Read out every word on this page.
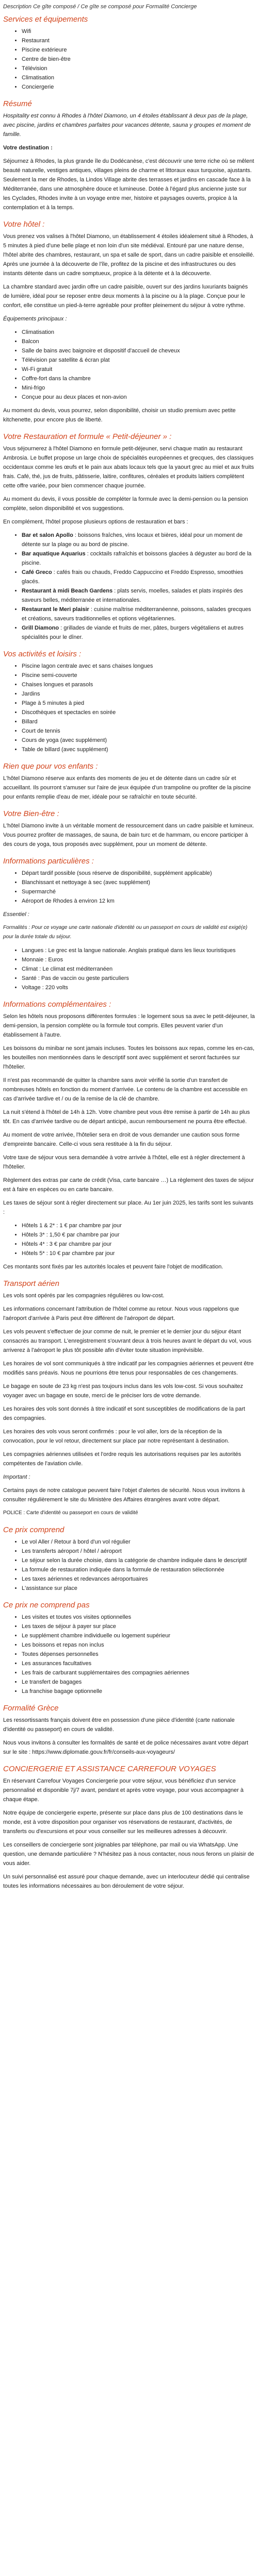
Description Ce gîte composé / Ce gîte se composé pour Formalité Concierge

Services et équipements
• Wifi
• Restaurant
• Piscine extérieure
• Centre de bien-être
• Télévision
• Climatisation
• Conciergerie
Résumé

Hospitality est connu à Rhodes à l'hôtel Diamono, un 4 étoiles établissant à deux pas de la plage, avec piscine, jardins et chambres parfaites pour vacances détente, sauna y groupes et moment de famille.

Votre destination :

Séjournez à Rhodes, la plus grande île du Dodécanèse, c'est découvrir une terre riche où se mêlent beauté naturelle, vestiges antiques, villages pleins de charme et littoraux eaux turquoise, ajustants. Seulement la mer de Rhodes, la Lindos Village abrite des terrasses et jardins en cascade face à la Méditerranée, dans une atmosphère douce et lumineuse. Dotée à l'égard plus ancienne juste sur les Cyclades, Rhodes invite à un voyage entre mer, histoire et paysages ouverts, propice à la contemplation et à la temps.

Votre hôtel :

Vous prenez vos valises à l'hôtel Diamono, un établissement 4 étoiles idéalement situé à Rhodes, à 5 minutes à pied d'une belle plage et non loin d'un site médiéval. Entouré par une nature dense, l'hôtel abrite des chambres, restaurant, un spa et salle de sport, dans un cadre paisible et ensoleillé. Après une journée à la découverte de l'île, profitez de la piscine et des infrastructures ou des instants détente dans un cadre somptueux, propice à la détente et à la découverte.

La chambre standard avec jardin offre un cadre paisible, ouvert sur des jardins luxuriants baignés de lumière, idéal pour se reposer entre deux moments à la piscine ou à la plage. Conçue pour le confort, elle constitue un pied-à-terre agréable pour profiter pleinement du séjour à votre rythme.

Équipements principaux :

• Climatisation
• Balcon
• Salle de bains avec baignoire et dispositif d'accueil de cheveux
• Télévision par satellite & écran plat
• Wi-Fi gratuit
• Coffre-fort dans la chambre
• Mini-frigo
• Conçue pour au deux places et non-avion

Au moment du devis, vous pourrez, selon disponibilité, choisir un studio premium avec petite kitchenette, pour encore plus de liberté.

Votre Restauration et formule « Petit-déjeuner » :

Vous séjournerez à l'hôtel Diamono en formule petit-déjeuner, servi chaque matin au restaurant Ambrosia. Le buffet propose un large choix de spécialités européennes et grecques, des classiques occidentaux comme les œufs et le pain aux abats locaux tels que la yaourt grec au miel et aux fruits frais. Café, thé, jus de fruits, pâtisserie, laitire, confitures, céréales et produits laitiers complètent cette offre variée, pour bien commencer chaque journée.

Au moment du devis, il vous possible de compléter la formule avec la demi-pension ou la pension complète, selon disponibilité et vos suggestions.

En complément, l'hôtel propose plusieurs options de restauration et bars :

• Bar et salon Apollo : boissons fraîches, vins locaux et bières, idéal pour un moment de détente sur la plage ou au bord de piscine.
• Bar aquatique Aquarius : cocktails rafraîchis et boissons glacées à déguster au bord de la piscine.
• Café Greco : cafés frais ou chauds, Freddo Cappuccino et Freddo Espresso, smoothies glacés.
• Restaurant à midi Beach Gardens : plats servis, moelles, salades et plats inspirés des saveurs belles, méditerranée et internationales.
• Restaurant le Meri plaisir : cuisine maîtrise méditerranéenne, poissons, salades grecques et créations, saveurs traditionnelles et options végétariennes.
• Grill Diamono : grillades de viande et fruits de mer, pâtes, burgers végétaliens et autres spécialités pour le dîner.
Vos activités et loisirs :
• Piscine lagon centrale avec et sans chaises longues
• Piscine semi-couverte
• Chaises longues et parasols
• Jardins
• Plage à 5 minutes à pied
• Discothèques et spectacles en soirée
• Billard
• Court de tennis
• Cours de yoga (avec supplément)
• Table de billard (avec supplément)
Rien que pour vos enfants :

L'hôtel Diamono réserve aux enfants des moments de jeu et de détente dans un cadre sûr et accueillant. Ils pourront s'amuser sur l'aire de jeux équipée d'un trampoline ou profiter de la piscine pour enfants remplie d'eau de mer, idéale pour se rafraîchir en toute sécurité.

Votre Bien-être :

L'hôtel Diamono invite à un véritable moment de ressourcement dans un cadre paisible et lumineux. Vous pourrez profiter de massages, de sauna, de bain turc et de hammam, ou encore participer à des cours de yoga, tous proposés avec supplément, pour un moment de détente.

Informations particulières :
• Départ tardif possible (sous réserve de disponibilité, supplément applicable)
• Blanchissant et nettoyage à sec (avec supplément)
• Supermarché
• Aéroport de Rhodes à environ 12 km

Essentiel :

Formalités : Pour ce voyage une carte nationale d'identité ou un passeport en cours de validité est exigé(e) pour la durée totale du séjour.

• Langues : Le grec est la langue nationale. Anglais pratiqué dans les lieux touristiques
• Monnaie : Euros
• Climat : Le climat est méditerranéen
• Santé : Pas de vaccin ou geste particuliers
• Voltage : 220 volts
Informations complémentaires :

Selon les hôtels nous proposons différentes formules : le logement sous sa avec le petit-déjeuner, la demi-pension, la pension complète ou la formule tout compris. Elles peuvent varier d'un établissement à l'autre.

Les boissons du minibar ne sont jamais incluses. Toutes les boissons aux repas, comme les en-cas, les bouteilles non mentionnées dans le descriptif sont avec supplément et seront facturées sur l'hôtelier.

Il n'est pas recommandé de quitter la chambre sans avoir vérifié la sortie d'un transfert de nombreuses hôtels en fonction du moment d'arrivée. Le contenu de la chambre est accessible en cas d'arrivée tardive et / ou de la remise de la clé de chambre.

La nuit s'étend à l'hôtel de 14h à 12h. Votre chambre peut vous être remise à partir de 14h au plus tôt. En cas d'arrivée tardive ou de départ anticipé, aucun remboursement ne pourra être effectué.

Au moment de votre arrivée, l'hôtelier sera en droit de vous demander une caution sous forme d'empreinte bancaire. Celle-ci vous sera restituée à la fin du séjour.

Votre taxe de séjour vous sera demandée à votre arrivée à l'hôtel, elle est à régler directement à l'hôtelier.

Règlement des extras par carte de crédit (Visa, carte bancaire …) La règlement des taxes de séjour est à faire en espèces ou en carte bancaire.

Les taxes de séjour sont à régler directement sur place. Au 1er juin 2025, les tarifs sont les suivants :

• Hôtels 1 & 2* : 1 € par chambre par jour
• Hôtels 3* : 1,50 € par chambre par jour
• Hôtels 4* : 3 € par chambre par jour
• Hôtels 5* : 10 € par chambre par jour

Ces montants sont fixés par les autorités locales et peuvent faire l'objet de modification.

Transport aérien

Les vols sont opérés par les compagnies régulières ou low-cost.

Les informations concernant l'attribution de l'hôtel comme au retour. Nous vous rappelons que l'aéroport d'arrivée à Paris peut être différent de l'aéroport de départ.

Les vols peuvent s'effectuer de jour comme de nuit, le premier et le dernier jour du séjour étant consacrés au transport. L'enregistrement s'ouvrant deux à trois heures avant le départ du vol, vous arriverez à l'aéroport le plus tôt possible afin d'éviter toute situation imprévisible.

Les horaires de vol sont communiqués à titre indicatif par les compagnies aériennes et peuvent être modifiés sans préavis. Nous ne pourrions être tenus pour responsables de ces changements.

Le bagage en soute de 23 kg n'est pas toujours inclus dans les vols low-cost. Si vous souhaitez voyager avec un bagage en soute, merci de le préciser lors de votre demande.

Les horaires des vols sont donnés à titre indicatif et sont susceptibles de modifications de la part des compagnies.

Les horaires des vols vous seront confirmés : pour le vol aller, lors de la réception de la convocation, pour le vol retour, directement sur place par notre représentant à destination.

Les compagnies aériennes utilisées et l'ordre requis les autorisations requises par les autorités compétentes de l'aviation civile.

Important :

Certains pays de notre catalogue peuvent faire l'objet d'alertes de sécurité. Nous vous invitons à consulter régulièrement le site du Ministère des Affaires étrangères avant votre départ.

POLICE : Carte d'identité ou passeport en cours de validité

Ce prix comprend
• Le vol Aller / Retour à bord d'un vol régulier
• Les transferts aéroport / hôtel / aéroport
• Le séjour selon la durée choisie, dans la catégorie de chambre indiquée dans le descriptif
• La formule de restauration indiquée dans la formule de restauration sélectionnée
• Les taxes aériennes et redevances aéroportuaires
• L'assistance sur place
Ce prix ne comprend pas
• Les visites et toutes vos visites optionnelles
• Les taxes de séjour à payer sur place
• Le supplément chambre individuelle ou logement supérieur
• Les boissons et repas non inclus
• Toutes dépenses personnelles
• Les assurances facultatives
• Les frais de carburant supplémentaires des compagnies aériennes
• Le transfert de bagages
• La franchise bagage optionnelle
Formalité Grèce

Les ressortissants français doivent être en possession d'une pièce d'identité (carte nationale d'identité ou passeport) en cours de validité.

Nous vous invitons à consulter les formalités de santé et de police nécessaires avant votre départ sur le site : https://www.diplomatie.gouv.fr/fr/conseils-aux-voyageurs/

CONCIERGERIE ET ASSISTANCE CARREFOUR VOYAGES

En réservant Carrefour Voyages Conciergerie pour votre séjour, vous bénéficiez d'un service personnalisé et disponible 7j/7 avant, pendant et après votre voyage, pour vous accompagner à chaque étape.

Notre équipe de conciergerie experte, présente sur place dans plus de 100 destinations dans le monde, est à votre disposition pour organiser vos réservations de restaurant, d'activités, de transferts ou d'excursions et pour vous conseiller sur les meilleures adresses à découvrir.

Les conseillers de conciergerie sont joignables par téléphone, par mail ou via WhatsApp. Une question, une demande particulière ? N'hésitez pas à nous contacter, nous nous ferons un plaisir de vous aider.

Un suivi personnalisé est assuré pour chaque demande, avec un interlocuteur dédié qui centralise toutes les informations nécessaires au bon déroulement de votre séjour.
